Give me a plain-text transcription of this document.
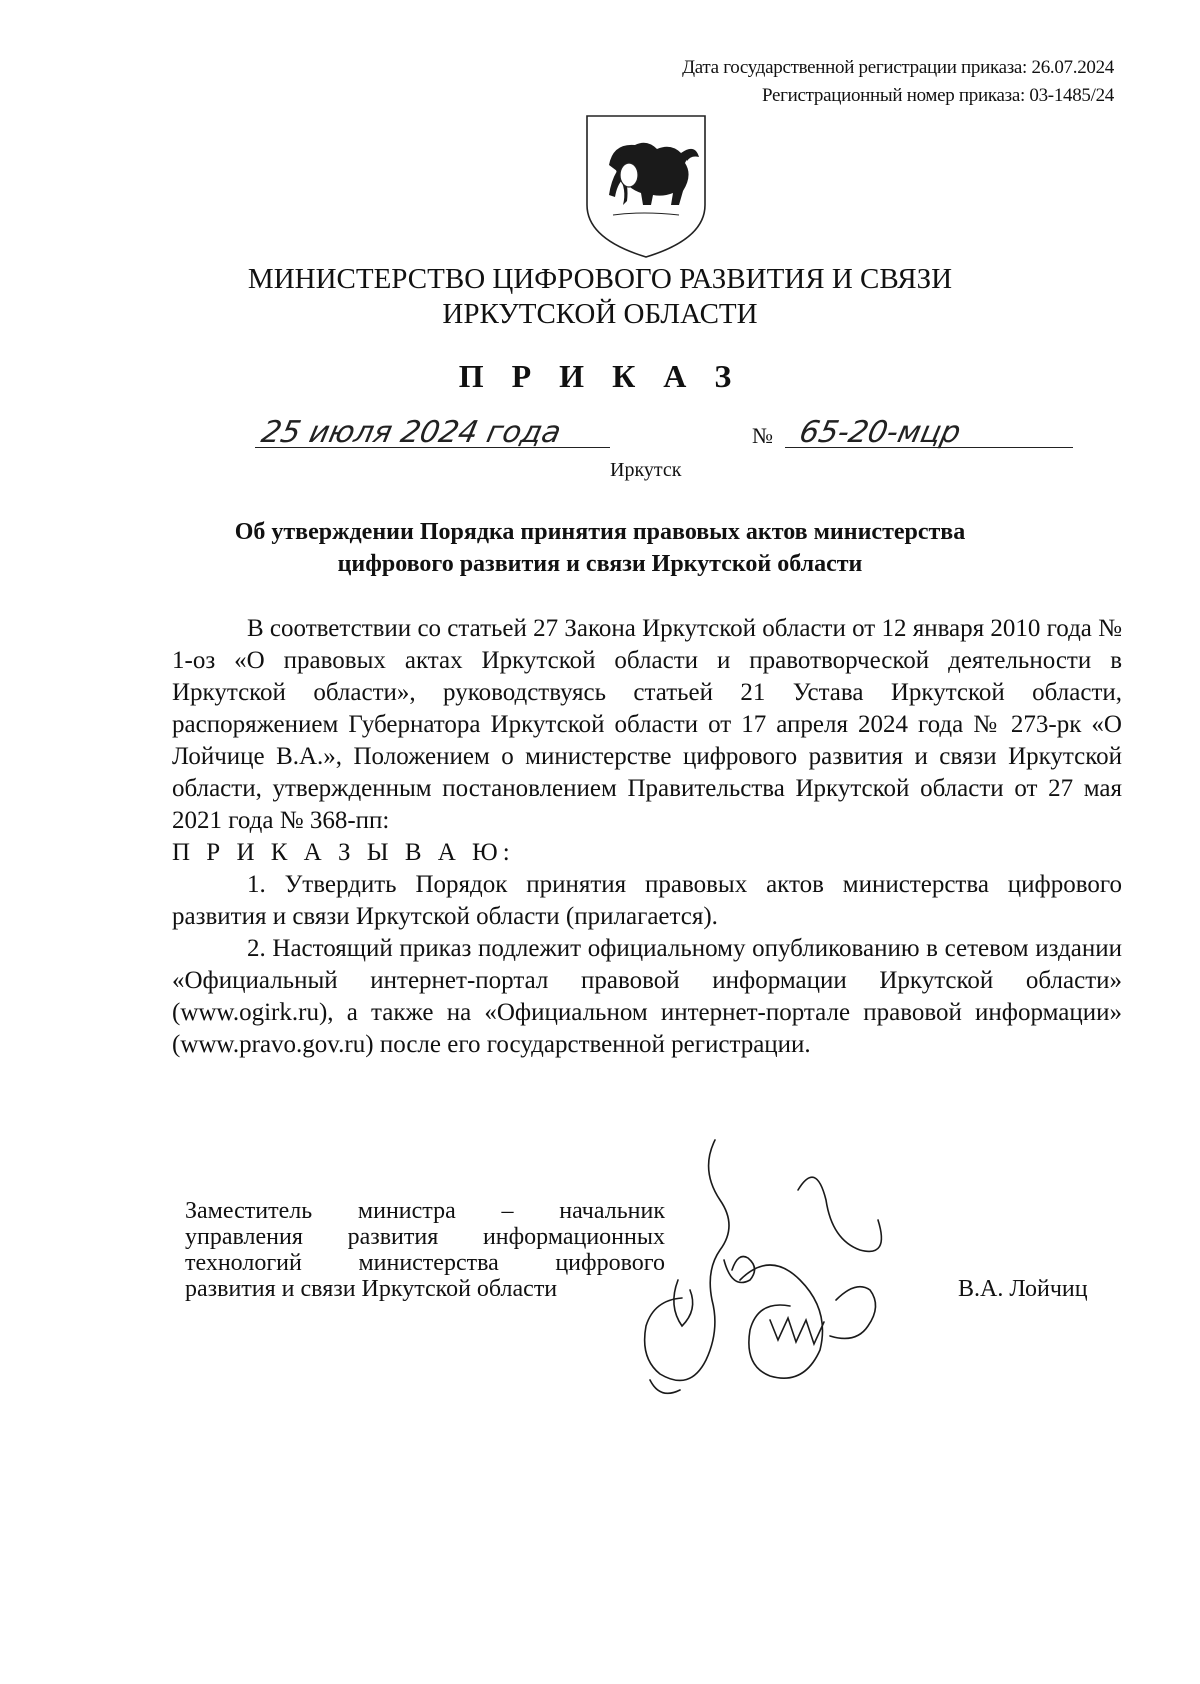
Дата государственной регистрации приказа: 26.07.2024
Регистрационный номер приказа: 03-1485/24
МИНИСТЕРСТВО ЦИФРОВОГО РАЗВИТИЯ И СВЯЗИ
ИРКУТСКОЙ ОБЛАСТИ
П Р И К А З
25 июля 2024 года	№ 65-20-мцр
Иркутск
Об утверждении Порядка принятия правовых актов министерства
цифрового развития и связи Иркутской области

В соответствии со статьей 27 Закона Иркутской области от 12 января 2010 года № 1-оз «О правовых актах Иркутской области и правотворческой деятельности в Иркутской области», руководствуясь статьей 21 Устава Иркутской области, распоряжением Губернатора Иркутской области от 17 апреля 2024 года № 273-рк «О Лойчице В.А.», Положением о министерстве цифрового развития и связи Иркутской области, утвержденным постановлением Правительства Иркутской области от 27 мая 2021 года № 368-пп:

П Р И К А З Ы В А Ю:

1. Утвердить Порядок принятия правовых актов министерства цифрового развития и связи Иркутской области (прилагается).

2. Настоящий приказ подлежит официальному опубликованию в сетевом издании «Официальный интернет-портал правовой информации Иркутской области» (www.ogirk.ru), а также на «Официальном интернет-портале правовой информации» (www.pravo.gov.ru) после его государственной регистрации.

Заместитель министра – начальник
управления развития информационных
технологий министерства цифрового
развития и связи Иркутской области	В.А. Лойчиц
